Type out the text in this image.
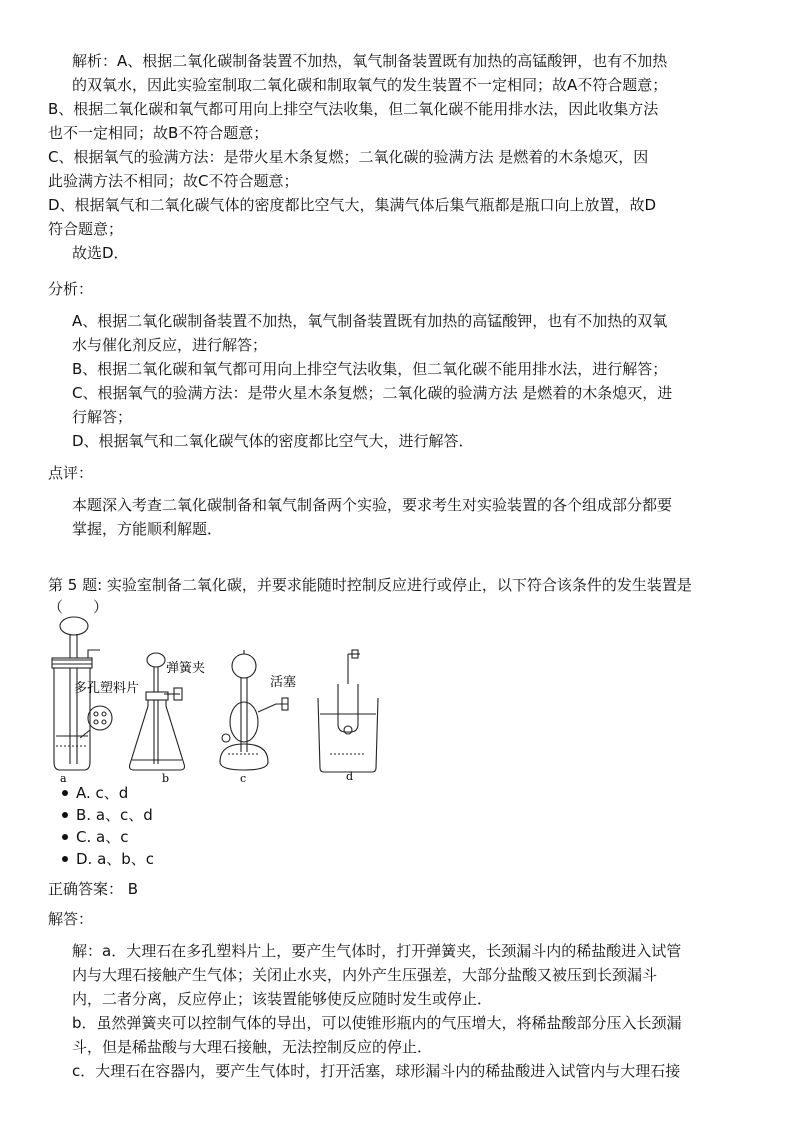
解析：A、根据二氧化碳制备装置不加热，氧气制备装置既有加热的高锰酸钾，也有不加热
的双氧水，因此实验室制取二氧化碳和制取氧气的发生装置不一定相同；故A不符合题意；
B、根据二氧化碳和氧气都可用向上排空气法收集，但二氧化碳不能用排水法，因此收集方法
也不一定相同；故B不符合题意；
C、根据氧气的验满方法：是带火星木条复燃；二氧化碳的验满方法 是燃着的木条熄灭，因
此验满方法不相同；故C不符合题意；
D、根据氧气和二氧化碳气体的密度都比空气大，集满气体后集气瓶都是瓶口向上放置，故D
符合题意；
故选D．
分析：
A、根据二氧化碳制备装置不加热，氧气制备装置既有加热的高锰酸钾，也有不加热的双氧
水与催化剂反应，进行解答；
B、根据二氧化碳和氧气都可用向上排空气法收集，但二氧化碳不能用排水法，进行解答；
C、根据氧气的验满方法：是带火星木条复燃；二氧化碳的验满方法 是燃着的木条熄灭，进
行解答；
D、根据氧气和二氧化碳气体的密度都比空气大，进行解答．
点评：
本题深入考查二氧化碳制备和氧气制备两个实验，要求考生对实验装置的各个组成部分都要
掌握，方能顺利解题．
第 5 题: 实验室制备二氧化碳，并要求能随时控制反应进行或停止，以下符合该条件的发生装置是
（　　）
多孔塑料片
弹簧夹
活塞
a	b	c	d
A. c、d
B. a、c、d
C. a、c
D. a、b、c
正确答案： B
解答：
解：a．大理石在多孔塑料片上，要产生气体时，打开弹簧夹，长颈漏斗内的稀盐酸进入试管
内与大理石接触产生气体；关闭止水夹，内外产生压强差，大部分盐酸又被压到长颈漏斗
内，二者分离，反应停止；该装置能够使反应随时发生或停止．
b．虽然弹簧夹可以控制气体的导出，可以使锥形瓶内的气压增大，将稀盐酸部分压入长颈漏
斗，但是稀盐酸与大理石接触，无法控制反应的停止．
c．大理石在容器内，要产生气体时，打开活塞，球形漏斗内的稀盐酸进入试管内与大理石接
